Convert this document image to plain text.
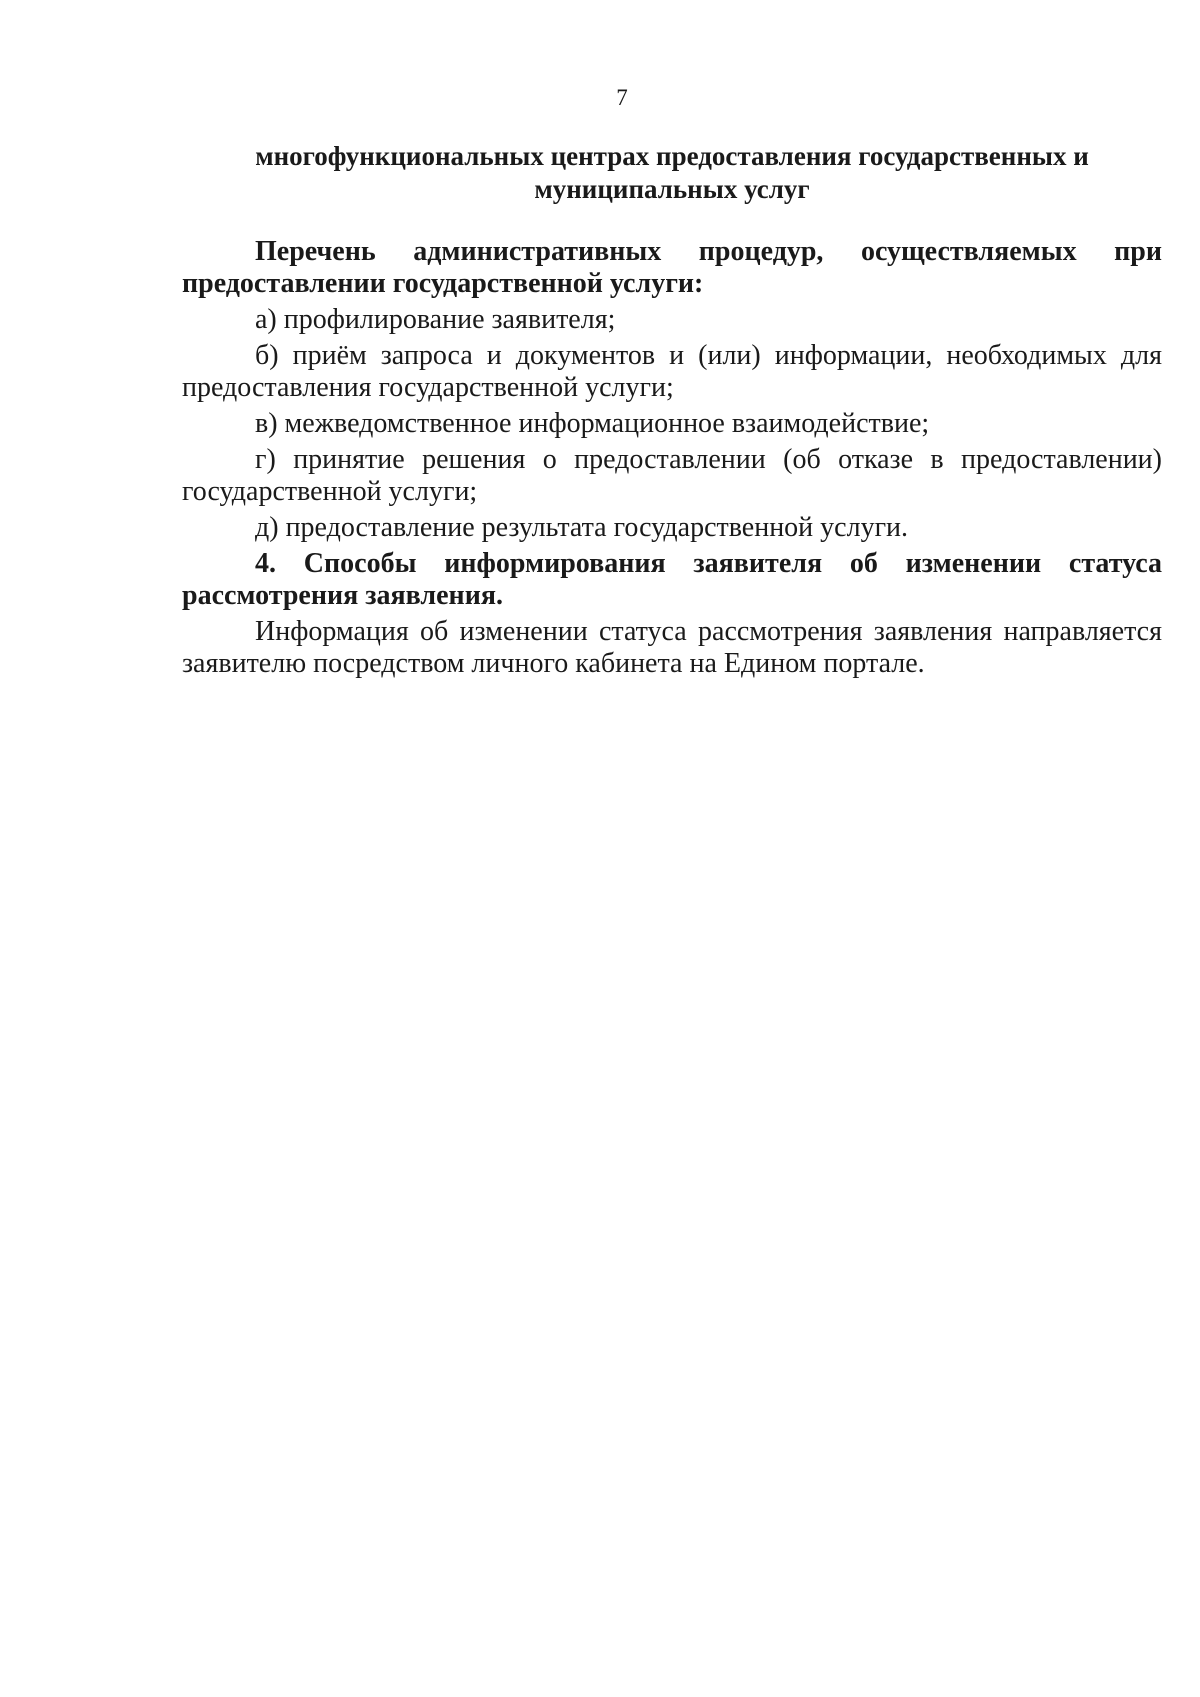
7
многофункциональных центрах предоставления государственных и
муниципальных услуг

Перечень административных процедур, осуществляемых при предоставлении государственной услуги:

а) профилирование заявителя;

б) приём запроса и документов и (или) информации, необходимых для предоставления государственной услуги;

в) межведомственное информационное взаимодействие;

г) принятие решения о предоставлении (об отказе в предоставлении) государственной услуги;

д) предоставление результата государственной услуги.

4. Способы информирования заявителя об изменении статуса рассмотрения заявления.

Информация об изменении статуса рассмотрения заявления направляется заявителю посредством личного кабинета на Едином портале.
